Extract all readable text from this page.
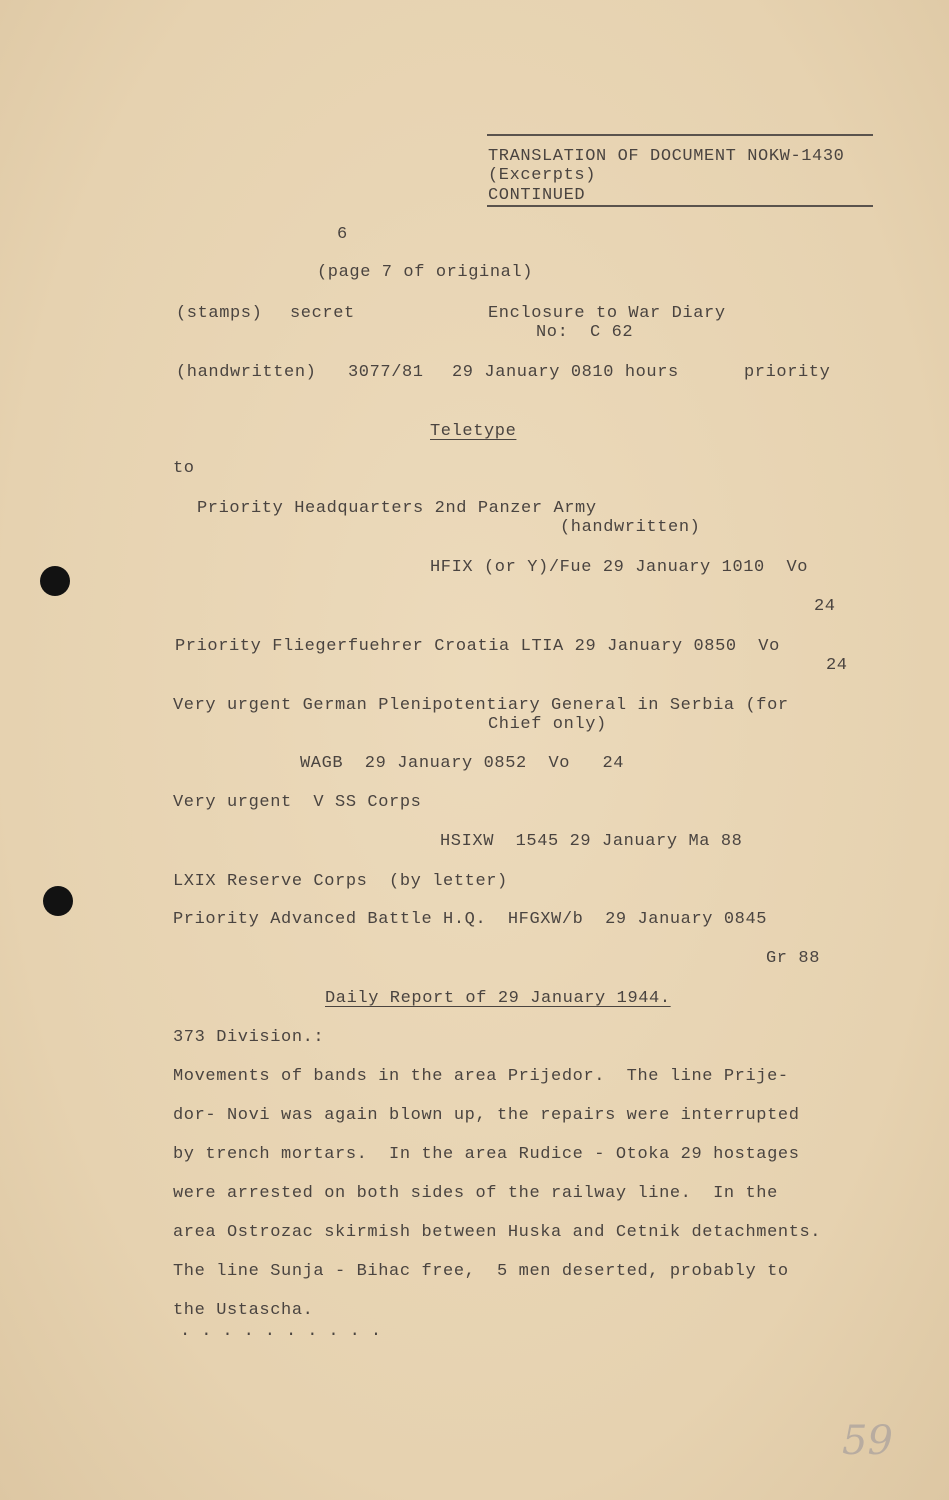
TRANSLATION OF DOCUMENT NOKW-1430
(Excerpts)
CONTINUED
6
(page 7 of original)
(stamps) secret	Enclosure to War Diary
No:  C 62
(handwritten) 3077/81 29 January 0810 hours	priority
Teletype
to
Priority Headquarters 2nd Panzer Army
(handwritten)
HFIX (or Y)/Fue 29 January 1010  Vo
24
Priority Fliegerfuehrer Croatia LTIA 29 January 0850  Vo
24
Very urgent German Plenipotentiary General in Serbia (for
Chief only)
WAGB  29 January 0852  Vo   24
Very urgent  V SS Corps
HSIXW  1545 29 January Ma 88
LXIX Reserve Corps  (by letter)
Priority Advanced Battle H.Q.  HFGXW/b  29 January 0845
Gr 88
Daily Report of 29 January 1944.
373 Division.:
Movements of bands in the area Prijedor.  The line Prije-
dor- Novi was again blown up, the repairs were interrupted
by trench mortars.  In the area Rudice - Otoka 29 hostages
were arrested on both sides of the railway line.  In the
area Ostrozac skirmish between Huska and Cetnik detachments.
The line Sunja - Bihac free,  5 men deserted, probably to
the Ustascha.
..........
59
